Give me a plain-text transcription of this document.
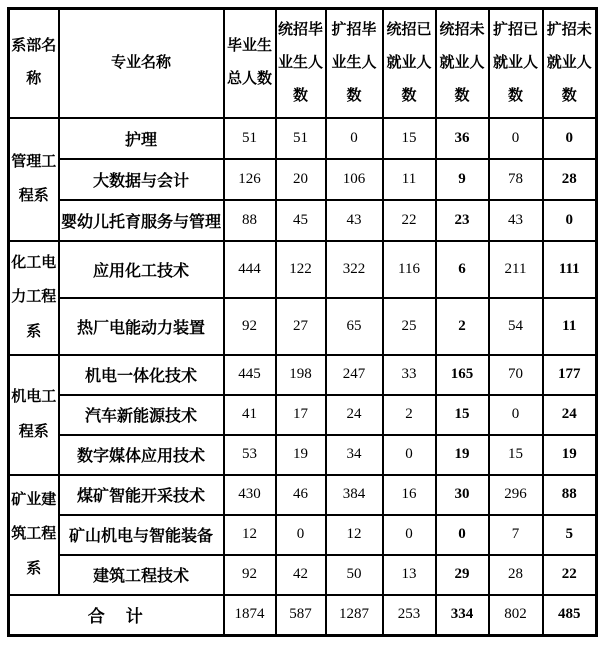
系部名称	专业名称	毕业生总人数	统招毕业生人数	扩招毕业生人数	统招已就业人数	统招未就业人数	扩招已就业人数	扩招未就业人数
管理工程系	护理	51	51	0	15	36	0	0
	大数据与会计	126	20	106	11	9	78	28
	婴幼儿托育服务与管理	88	45	43	22	23	43	0
化工电力工程系	应用化工技术	444	122	322	116	6	211	111
	热厂电能动力装置	92	27	65	25	2	54	11
机电工程系	机电一体化技术	445	198	247	33	165	70	177
	汽车新能源技术	41	17	24	2	15	0	24
	数字媒体应用技术	53	19	34	0	19	15	19
矿业建筑工程系	煤矿智能开采技术	430	46	384	16	30	296	88
	矿山机电与智能装备	12	0	12	0	0	7	5
	建筑工程技术	92	42	50	13	29	28	22
合　计		1874	587	1287	253	334	802	485
